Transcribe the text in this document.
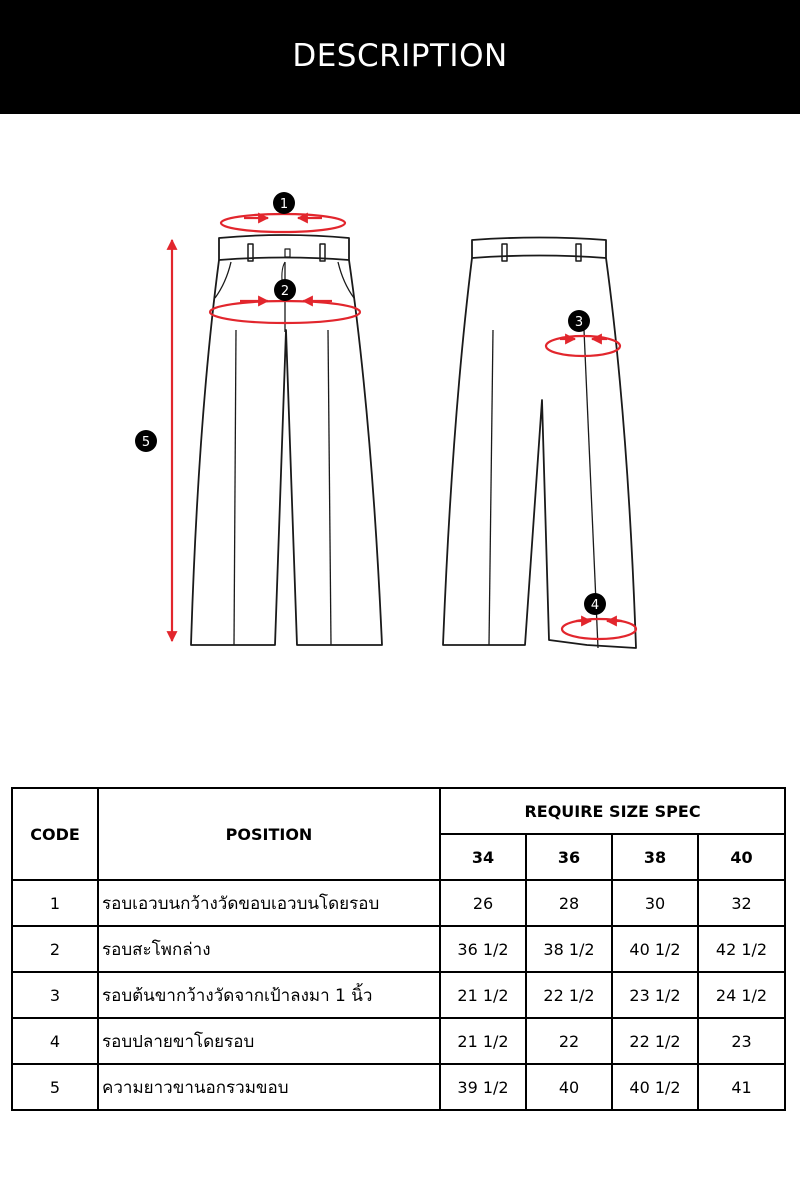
DESCRIPTION
1
2
3
4
5
CODE	POSITION	REQUIRE SIZE SPEC			
		34	36	38	40
1	รอบเอวบนกว้างวัดขอบเอวบนโดยรอบ	26	28	30	32
2	รอบสะโพกล่าง	36 1/2	38 1/2	40 1/2	42 1/2
3	รอบต้นขากว้างวัดจากเป้าลงมา 1 นิ้ว	21 1/2	22 1/2	23 1/2	24 1/2
4	รอบปลายขาโดยรอบ	21 1/2	22	22 1/2	23
5	ความยาวขานอกรวมขอบ	39 1/2	40	40 1/2	41
